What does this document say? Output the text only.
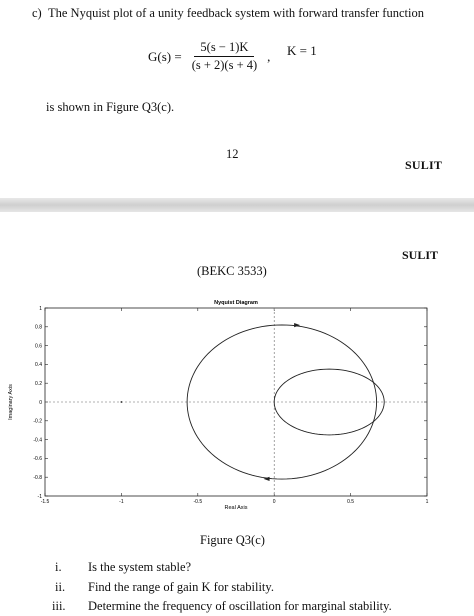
c) The Nyquist plot of a unity feedback system with forward transfer function
$G(s) = \frac{5(s - 1)K}{(s + 2)(s + 4)}$ , K = 1
is shown in Figure Q3(c).
12
SULIT
SULIT
(BEKC 3533)
-1
-0.8
-0.6
-0.4
-0.2
0
0.2
0.4
0.6
0.8
1
-1.5	-1	-0.5	0	0.5	1
Nyquist Diagram
Real Axis
Imaginary Axis
Figure Q3(c)
i. Is the system stable?
ii. Find the range of gain K for stability.
iii. Determine the frequency of oscillation for marginal stability.
